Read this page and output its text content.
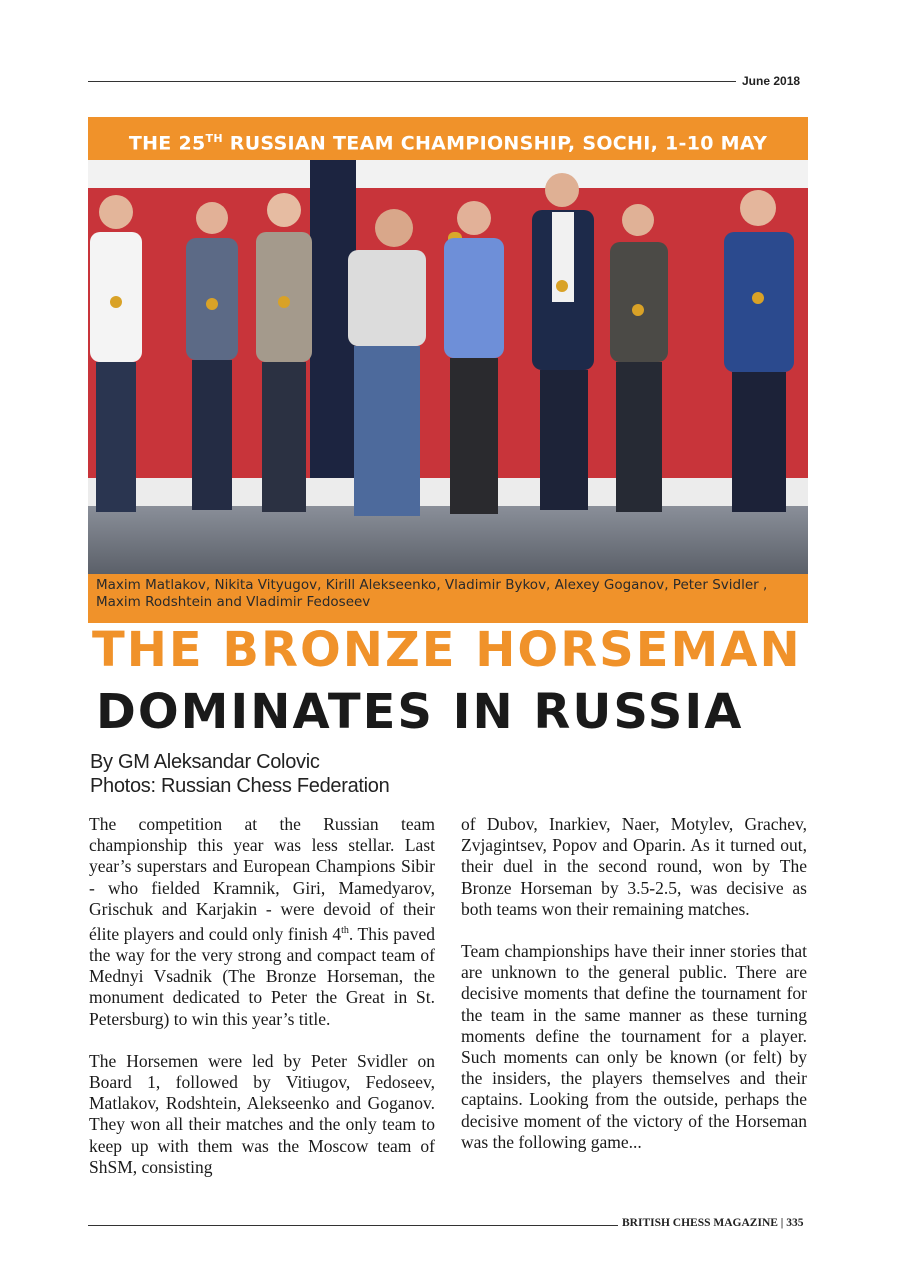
June 2018
THE 25TH RUSSIAN TEAM CHAMPIONSHIP, SOCHI, 1-10 MAY
Maxim Matlakov, Nikita Vityugov, Kirill Alekseenko, Vladimir Bykov, Alexey Goganov, Peter Svidler , Maxim Rodshtein and Vladimir Fedoseev
THE BRONZE HORSEMAN
DOMINATES IN RUSSIA
By GM Aleksandar Colovic
Photos: Russian Chess Federation

The competition at the Russian team championship this year was less stellar. Last year’s superstars and European Champions Sibir - who fielded Kramnik, Giri, Mamedyarov, Grischuk and Karjakin - were devoid of their élite players and could only finish 4th. This paved the way for the very strong and compact team of Mednyi Vsadnik (The Bronze Horseman, the monument dedicated to Peter the Great in St. Petersburg) to win this year’s title.

The Horsemen were led by Peter Svidler on Board 1, followed by Vitiugov, Fedoseev, Matlakov, Rodshtein, Alekseenko and Goganov. They won all their matches and the only team to keep up with them was the Moscow team of ShSM, consisting

of Dubov, Inarkiev, Naer, Motylev, Grachev, Zvjagintsev, Popov and Oparin. As it turned out, their duel in the second round, won by The Bronze Horseman by 3.5-2.5, was decisive as both teams won their remaining matches.

Team championships have their inner stories that are unknown to the general public. There are decisive moments that define the tournament for the team in the same manner as these turning moments define the tournament for a player. Such moments can only be known (or felt) by the insiders, the players themselves and their captains. Looking from the outside, perhaps the decisive moment of the victory of the Horseman was the following game...

BRITISH CHESS MAGAZINE | 335
